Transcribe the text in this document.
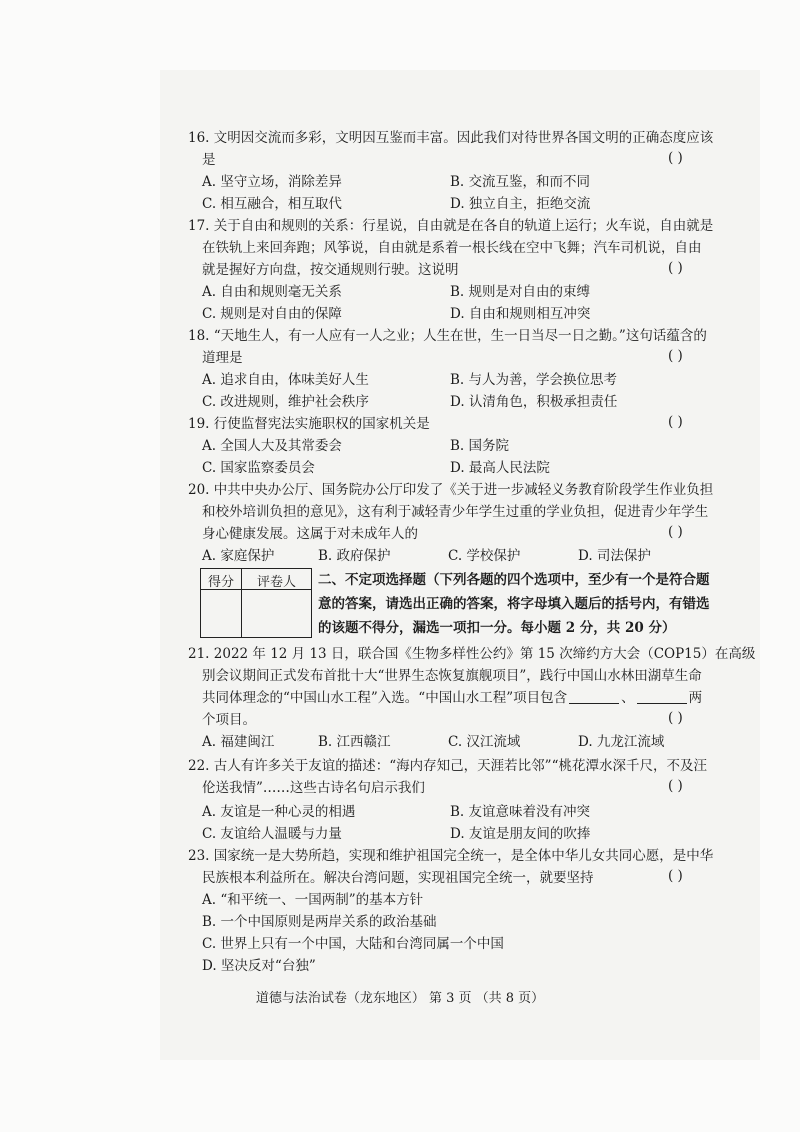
16. 文明因交流而多彩，文明因互鉴而丰富。因此我们对待世界各国文明的正确态度应该
是	( )
A. 坚守立场，消除差异	B. 交流互鉴，和而不同
C. 相互融合，相互取代	D. 独立自主，拒绝交流
17. 关于自由和规则的关系：行星说，自由就是在各自的轨道上运行；火车说，自由就是
在铁轨上来回奔跑；风筝说，自由就是系着一根长线在空中飞舞；汽车司机说，自由
就是握好方向盘，按交通规则行驶。这说明	( )
A. 自由和规则毫无关系	B. 规则是对自由的束缚
C. 规则是对自由的保障	D. 自由和规则相互冲突
18. “天地生人，有一人应有一人之业；人生在世，生一日当尽一日之勤。”这句话蕴含的
道理是	( )
A. 追求自由，体味美好人生	B. 与人为善，学会换位思考
C. 改进规则，维护社会秩序	D. 认清角色，积极承担责任
19. 行使监督宪法实施职权的国家机关是	( )
A. 全国人大及其常委会	B. 国务院
C. 国家监察委员会	D. 最高人民法院
20. 中共中央办公厅、国务院办公厅印发了《关于进一步减轻义务教育阶段学生作业负担
和校外培训负担的意见》，这有利于减轻青少年学生过重的学业负担，促进青少年学生
身心健康发展。这属于对未成年人的	( )
A. 家庭保护	B. 政府保护	C. 学校保护	D. 司法保护
得分	评卷人	二、不定项选择题（下列各题的四个选项中，至少有一个是符合题
意的答案，请选出正确的答案，将字母填入题后的括号内，有错选
的该题不得分，漏选一项扣一分。每小题 2 分，共 20 分）
21. 2022 年 12 月 13 日，联合国《生物多样性公约》第 15 次缔约方大会（COP15）在高级
别会议期间正式发布首批十大“世界生态恢复旗舰项目”，践行中国山水林田湖草生命
共同体理念的“中国山水工程”入选。“中国山水工程”项目包含	、	两
个项目。	( )
A. 福建闽江	B. 江西赣江	C. 汉江流域	D. 九龙江流域
22. 古人有许多关于友谊的描述：“海内存知己，天涯若比邻”“桃花潭水深千尺，不及汪
伦送我情”……这些古诗名句启示我们	( )
A. 友谊是一种心灵的相遇	B. 友谊意味着没有冲突
C. 友谊给人温暖与力量	D. 友谊是朋友间的吹捧
23. 国家统一是大势所趋，实现和维护祖国完全统一，是全体中华儿女共同心愿，是中华
民族根本利益所在。解决台湾问题，实现祖国完全统一，就要坚持	( )
A. “和平统一、一国两制”的基本方针
B. 一个中国原则是两岸关系的政治基础
C. 世界上只有一个中国，大陆和台湾同属一个中国
D. 坚决反对“台独”
道德与法治试卷（龙东地区） 第 3 页 （共 8 页）
